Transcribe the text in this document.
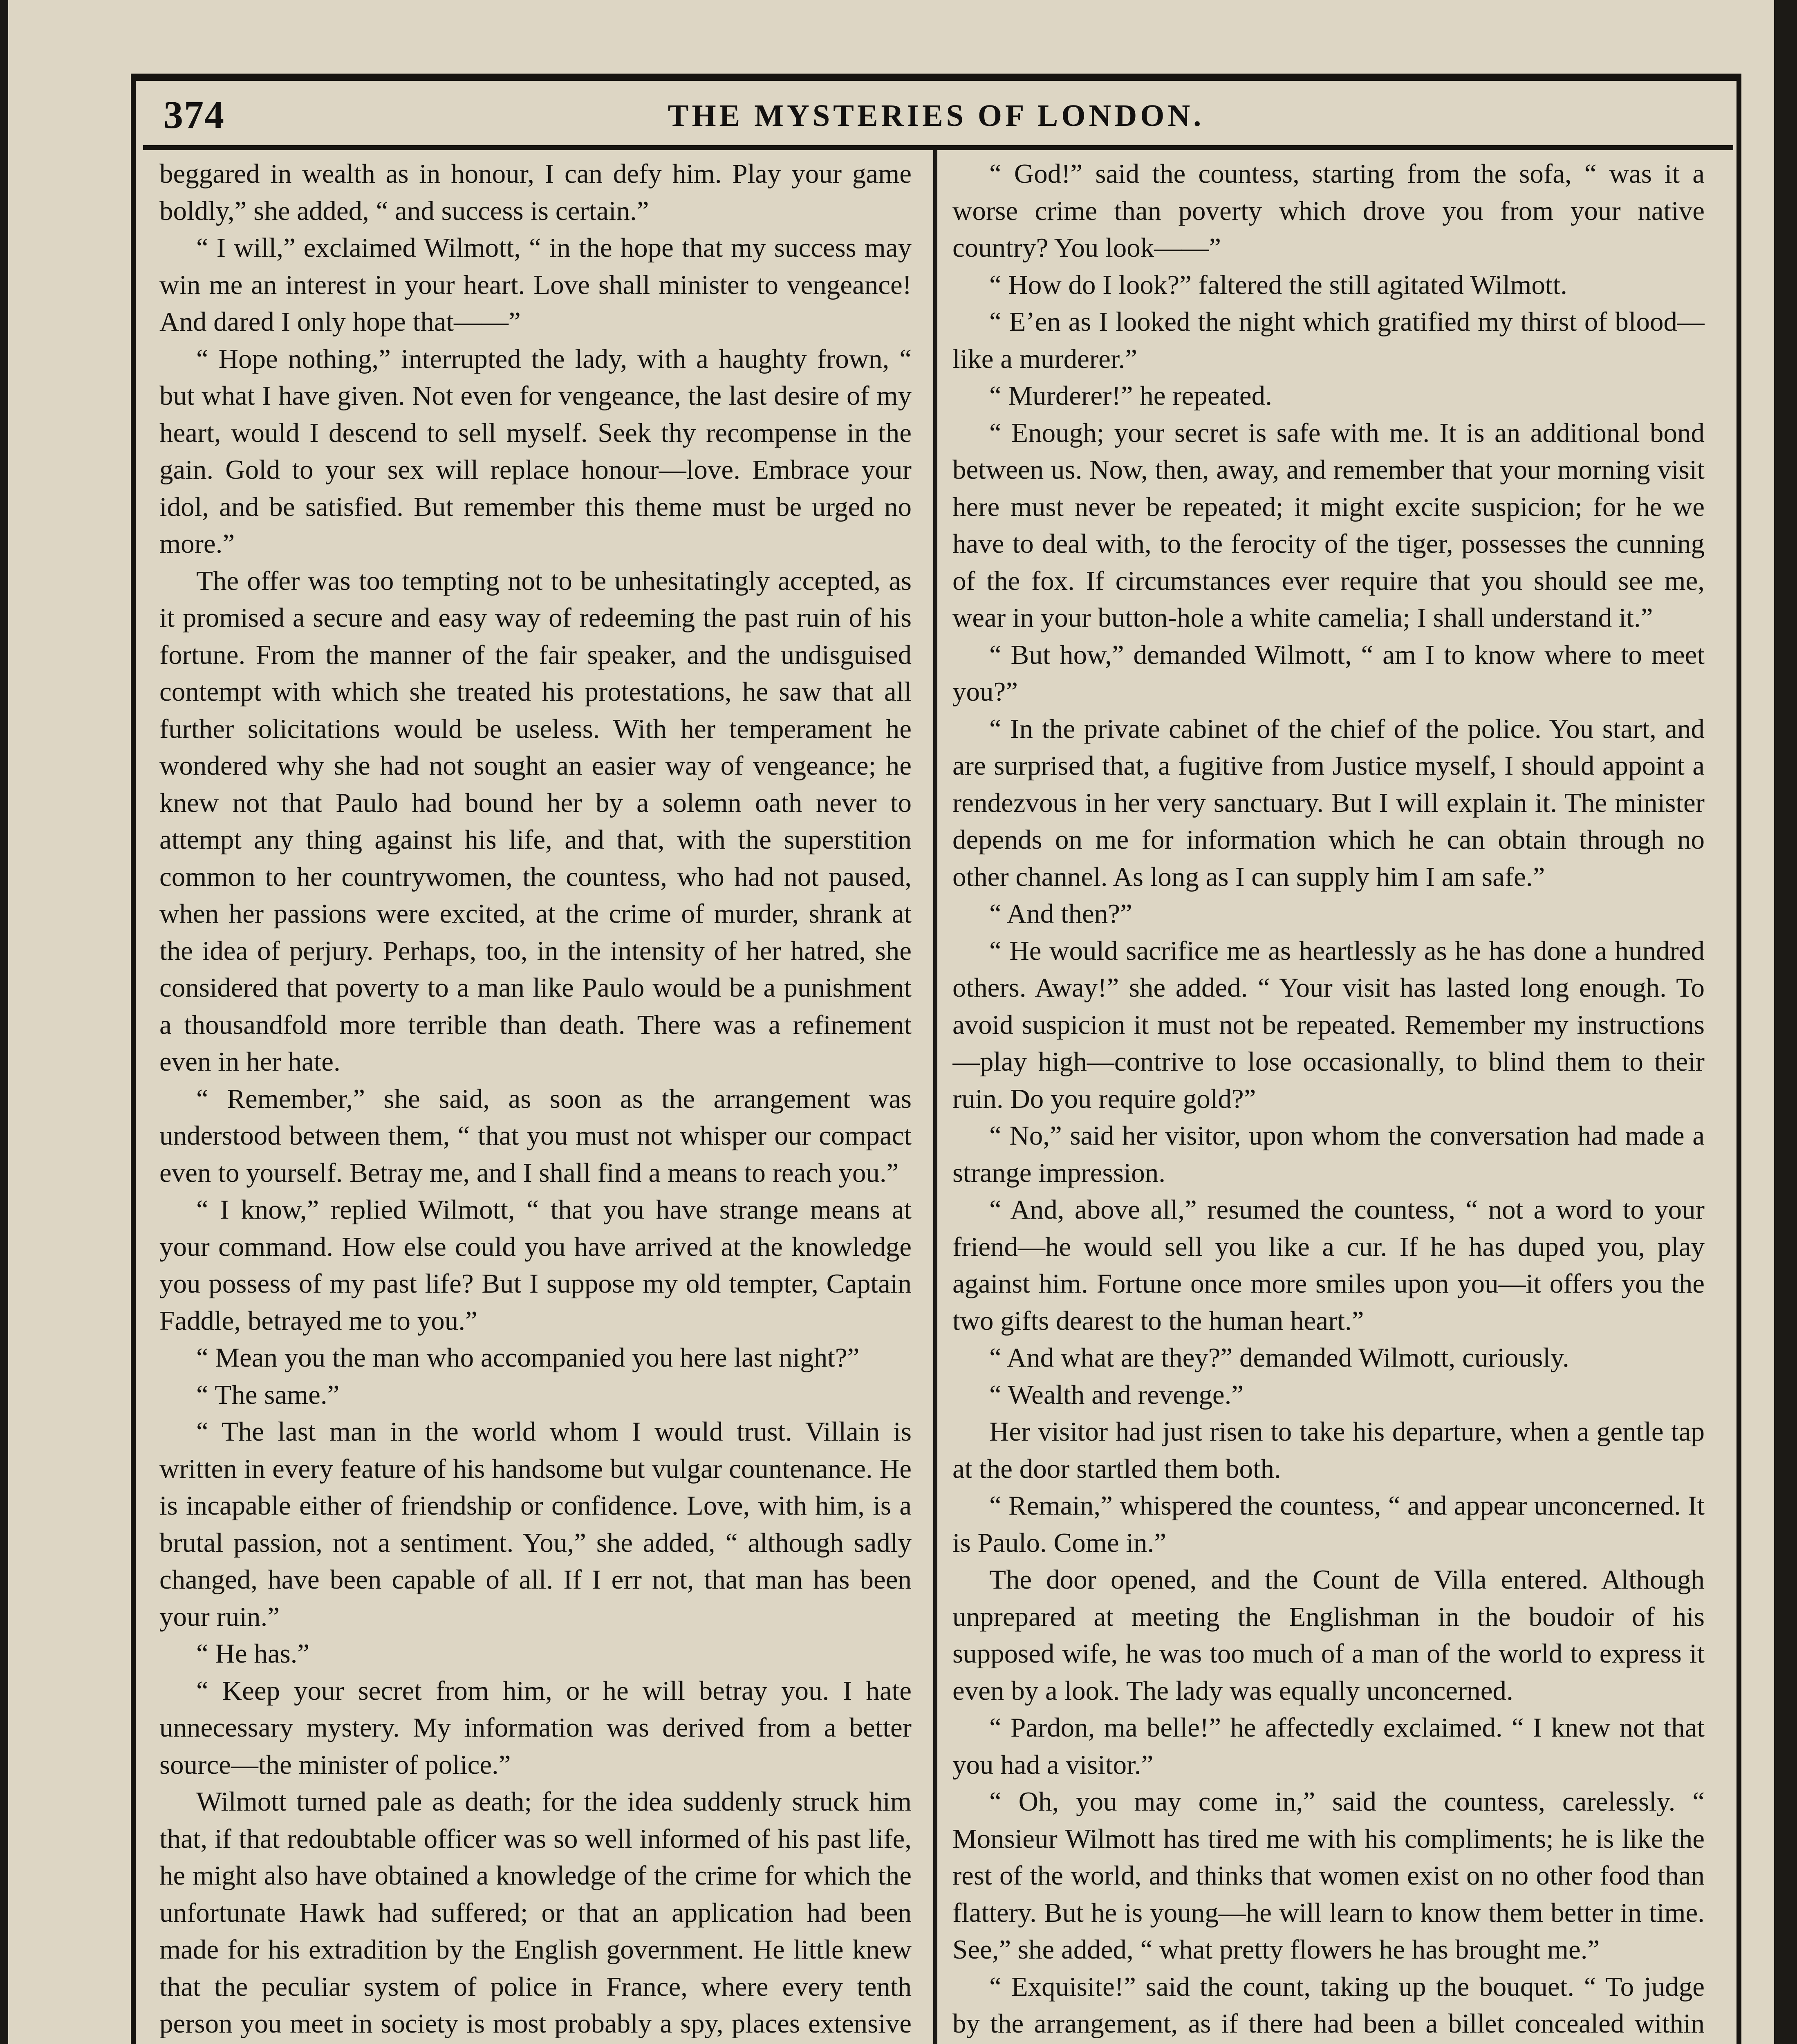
374	THE MYSTERIES OF LONDON.

beggared in wealth as in honour, I can defy him. Play your game boldly,” she added, “ and success is certain.”

“ I will,” exclaimed Wilmott, “ in the hope that my success may win me an interest in your heart. Love shall minister to vengeance! And dared I only hope that——”

“ Hope nothing,” interrupted the lady, with a haughty frown, “ but what I have given. Not even for vengeance, the last desire of my heart, would I descend to sell myself. Seek thy recompense in the gain. Gold to your sex will replace honour—love. Embrace your idol, and be satisfied. But remember this theme must be urged no more.”

The offer was too tempting not to be unhesitatingly accepted, as it promised a secure and easy way of redeeming the past ruin of his fortune. From the manner of the fair speaker, and the undisguised contempt with which she treated his protestations, he saw that all further solicitations would be useless. With her temperament he wondered why she had not sought an easier way of vengeance; he knew not that Paulo had bound her by a solemn oath never to attempt any thing against his life, and that, with the superstition common to her countrywomen, the countess, who had not paused, when her passions were excited, at the crime of murder, shrank at the idea of perjury. Perhaps, too, in the intensity of her hatred, she considered that poverty to a man like Paulo would be a punishment a thousandfold more terrible than death. There was a refinement even in her hate.

“ Remember,” she said, as soon as the arrangement was understood between them, “ that you must not whisper our compact even to yourself. Betray me, and I shall find a means to reach you.”

“ I know,” replied Wilmott, “ that you have strange means at your command. How else could you have arrived at the knowledge you possess of my past life? But I suppose my old tempter, Captain Faddle, betrayed me to you.”

“ Mean you the man who accompanied you here last night?”

“ The same.”

“ The last man in the world whom I would trust. Villain is written in every feature of his handsome but vulgar countenance. He is incapable either of friendship or confidence. Love, with him, is a brutal passion, not a sentiment. You,” she added, “ although sadly changed, have been capable of all. If I err not, that man has been your ruin.”

“ He has.”

“ Keep your secret from him, or he will betray you. I hate unnecessary mystery. My information was derived from a better source—the minister of police.”

Wilmott turned pale as death; for the idea suddenly struck him that, if that redoubtable officer was so well informed of his past life, he might also have obtained a knowledge of the crime for which the unfortunate Hawk had suffered; or that an application had been made for his extradition by the English government. He little knew that the peculiar system of police in France, where every tenth person you meet in society is most probably a spy, places extensive

“ God!” said the countess, starting from the sofa, “ was it a worse crime than poverty which drove you from your native country? You look——”

“ How do I look?” faltered the still agitated Wilmott.

“ E’en as I looked the night which gratified my thirst of blood—like a murderer.”

“ Murderer!” he repeated.

“ Enough; your secret is safe with me. It is an additional bond between us. Now, then, away, and remember that your morning visit here must never be repeated; it might excite suspicion; for he we have to deal with, to the ferocity of the tiger, possesses the cunning of the fox. If circumstances ever require that you should see me, wear in your button-hole a white camelia; I shall understand it.”

“ But how,” demanded Wilmott, “ am I to know where to meet you?”

“ In the private cabinet of the chief of the police. You start, and are surprised that, a fugitive from Justice myself, I should appoint a rendezvous in her very sanctuary. But I will explain it. The minister depends on me for information which he can obtain through no other channel. As long as I can supply him I am safe.”

“ And then?”

“ He would sacrifice me as heartlessly as he has done a hundred others. Away!” she added. “ Your visit has lasted long enough. To avoid suspicion it must not be repeated. Remember my instructions—play high—contrive to lose occasionally, to blind them to their ruin. Do you require gold?”

“ No,” said her visitor, upon whom the conversation had made a strange impression.

“ And, above all,” resumed the countess, “ not a word to your friend—he would sell you like a cur. If he has duped you, play against him. Fortune once more smiles upon you—it offers you the two gifts dearest to the human heart.”

“ And what are they?” demanded Wilmott, curiously.

“ Wealth and revenge.”

Her visitor had just risen to take his departure, when a gentle tap at the door startled them both.

“ Remain,” whispered the countess, “ and appear unconcerned. It is Paulo. Come in.”

The door opened, and the Count de Villa entered. Although unprepared at meeting the Englishman in the boudoir of his supposed wife, he was too much of a man of the world to express it even by a look. The lady was equally unconcerned.

“ Pardon, ma belle!” he affectedly exclaimed. “ I knew not that you had a visitor.”

“ Oh, you may come in,” said the countess, carelessly. “ Monsieur Wilmott has tired me with his compliments; he is like the rest of the world, and thinks that women exist on no other food than flattery. But he is young—he will learn to know them better in time. See,” she added, “ what pretty flowers he has brought me.”

“ Exquisite!” said the count, taking up the bouquet. “ To judge by the arrangement, as if there had been a billet concealed within
